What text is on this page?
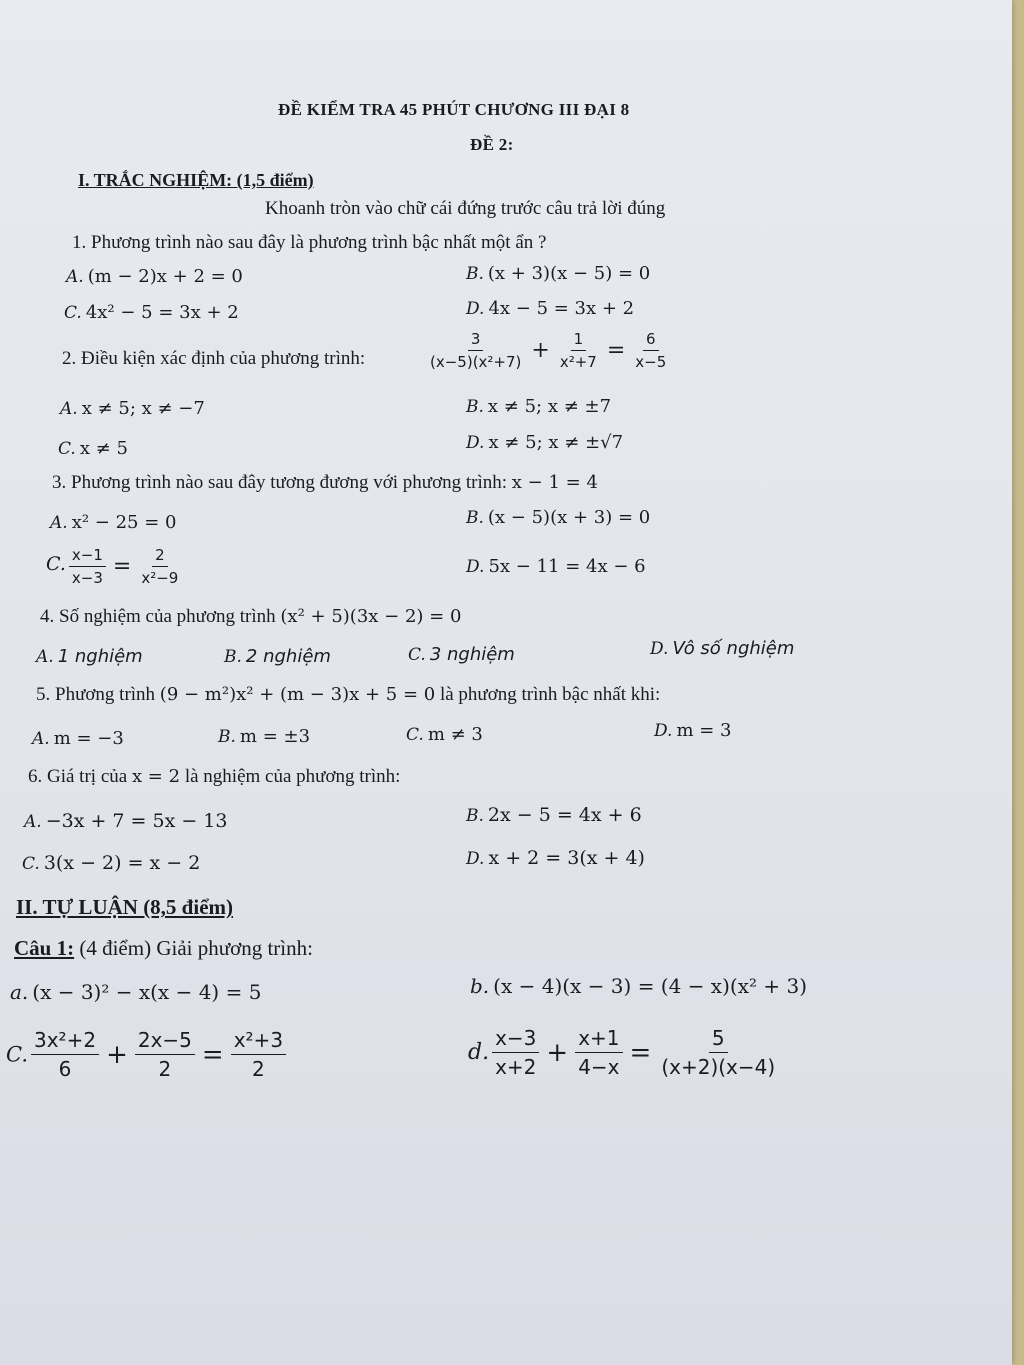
ĐỀ KIỂM TRA 45 PHÚT CHƯƠNG III ĐẠI 8
ĐỀ 2:
I. TRẮC NGHIỆM: (1,5 điểm)
Khoanh tròn vào chữ cái đứng trước câu trả lời đúng
1. Phương trình nào sau đây là phương trình bậc nhất một ẩn ?
A. (m − 2)x + 2 = 0	B. (x + 3)(x − 5) = 0
C. 4x² − 5 = 3x + 2	D. 4x − 5 = 3x + 2
2. Điều kiện xác định của phương trình:	$\frac{3}{\text{(x−5)(x²+7)}} + \frac{1}{\text{x²+7}} = \frac{6}{x-5}$
A. x ≠ 5; x ≠ −7	B. x ≠ 5; x ≠ ±7
C. x ≠ 5	D. x ≠ 5; x ≠ ±√7
3. Phương trình nào sau đây tương đương với phương trình: x − 1 = 4
A. x² − 25 = 0	B. (x − 5)(x + 3) = 0
C. $\frac{x-1}{x-3} = \frac{2}{\text{x²−9}}$	D. 5x − 11 = 4x − 6
4. Số nghiệm của phương trình (x² + 5)(3x − 2) = 0
A. 1 nghiệm	B. 2 nghiệm	C. 3 nghiệm	D. Vô số nghiệm
5. Phương trình (9 − m²)x² + (m − 3)x + 5 = 0 là phương trình bậc nhất khi:
A. m = −3	B. m = ±3	C. m ≠ 3	D. m = 3
6. Giá trị của x = 2 là nghiệm của phương trình:
A. −3x + 7 = 5x − 13	B. 2x − 5 = 4x + 6
C. 3(x − 2) = x − 2	D. x + 2 = 3(x + 4)
II. TỰ LUẬN (8,5 điểm)
Câu 1: (4 điểm) Giải phương trình:
a. (x − 3)² − x(x − 4) = 5	b. (x − 4)(x − 3) = (4 − x)(x² + 3)
C. $\frac{\text{3x²+2}}{6} + \frac{2x-5}{2} = \frac{\text{x²+3}}{2}$	d. $\frac{x-3}{x+2} + \frac{x+1}{4-x} = \frac{5}{(x+2)(x-4)}$
